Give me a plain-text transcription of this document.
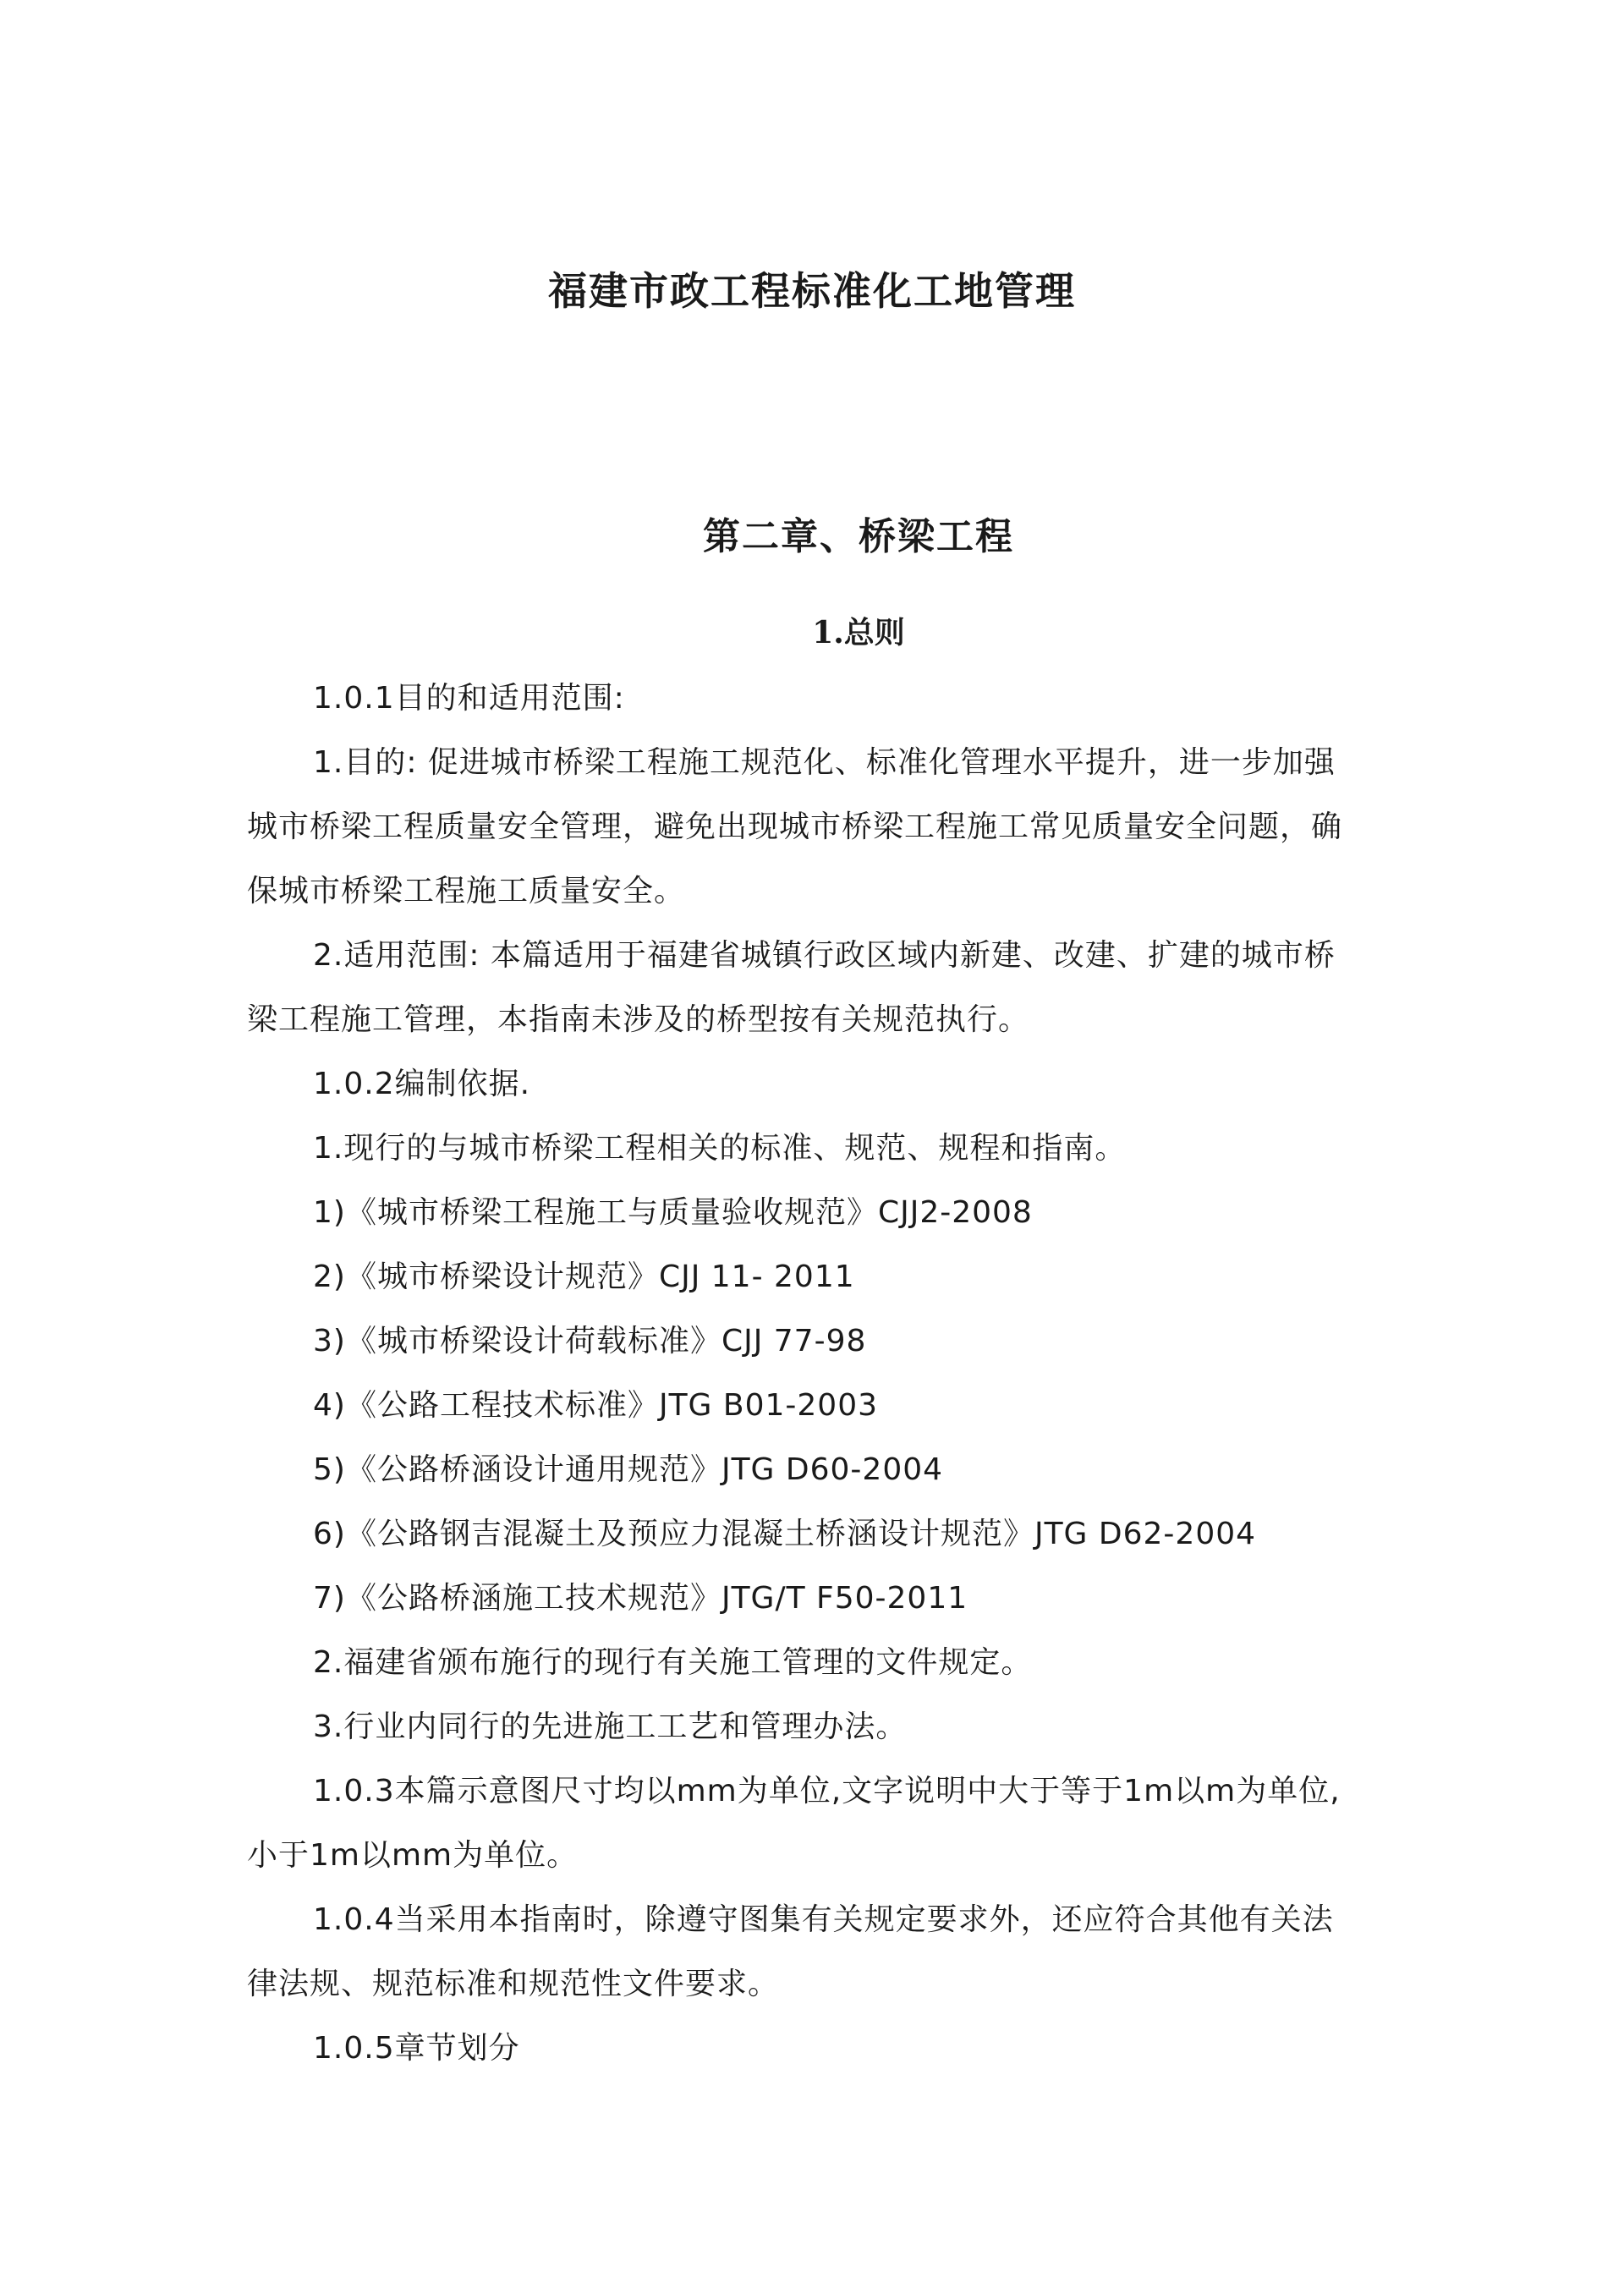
福建市政工程标准化工地管理
第二章、桥梁工程
1.总则
1.0.1目的和适用范围:
1.目的: 促进城市桥梁工程施工规范化、标准化管理水平提升，进一步加强
城市桥梁工程质量安全管理，避免出现城市桥梁工程施工常见质量安全问题，确
保城市桥梁工程施工质量安全。
2.适用范围: 本篇适用于福建省城镇行政区域内新建、改建、扩建的城市桥
梁工程施工管理，本指南未涉及的桥型按有关规范执行。
1.0.2编制依据.
1.现行的与城市桥梁工程相关的标准、规范、规程和指南。
1)《城市桥梁工程施工与质量验收规范》CJJ2-2008
2)《城市桥梁设计规范》CJJ 11- 2011
3)《城市桥梁设计荷载标准》CJJ 77-98
4)《公路工程技术标准》JTG B01-2003
5)《公路桥涵设计通用规范》JTG D60-2004
6)《公路钢吉混凝土及预应力混凝土桥涵设计规范》JTG D62-2004
7)《公路桥涵施工技术规范》JTG/T F50-2011
2.福建省颁布施行的现行有关施工管理的文件规定。
3.行业内同行的先进施工工艺和管理办法。
1.0.3本篇示意图尺寸均以mm为单位,文字说明中大于等于1m以m为单位,
小于1m以mm为单位。
1.0.4当采用本指南时，除遵守图集有关规定要求外，还应符合其他有关法
律法规、规范标准和规范性文件要求。
1.0.5章节划分
